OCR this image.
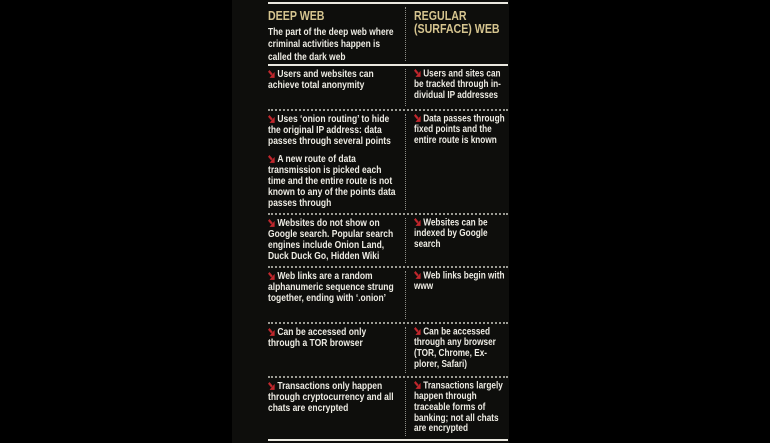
DEEP WEB

The part of the deep web where criminal activities happen is called the dark web

REGULAR (SURFACE) WEB

Users and websites can achieve total anonymity

Users and sites can be tracked through individual IP addresses

Uses ‘onion routing’ to hide the original IP address: data passes through several points

A new route of data transmission is picked each time and the entire route is not known to any of the points data passes through

Data passes through fixed points and the entire route is known

Websites do not show on Google search. Popular search engines include Onion Land, Duck Duck Go, Hidden Wiki

Websites can be indexed by Google search

Web links are a random alphanumeric sequence strung together, ending with ‘.onion’

Web links begin with www

Can be accessed only through a TOR browser

Can be accessed through any browser (TOR, Chrome, Explorer, Safari)

Transactions only happen through cryptocurrency and all chats are encrypted

Transactions largely happen through traceable forms of banking; not all chats are encrypted
